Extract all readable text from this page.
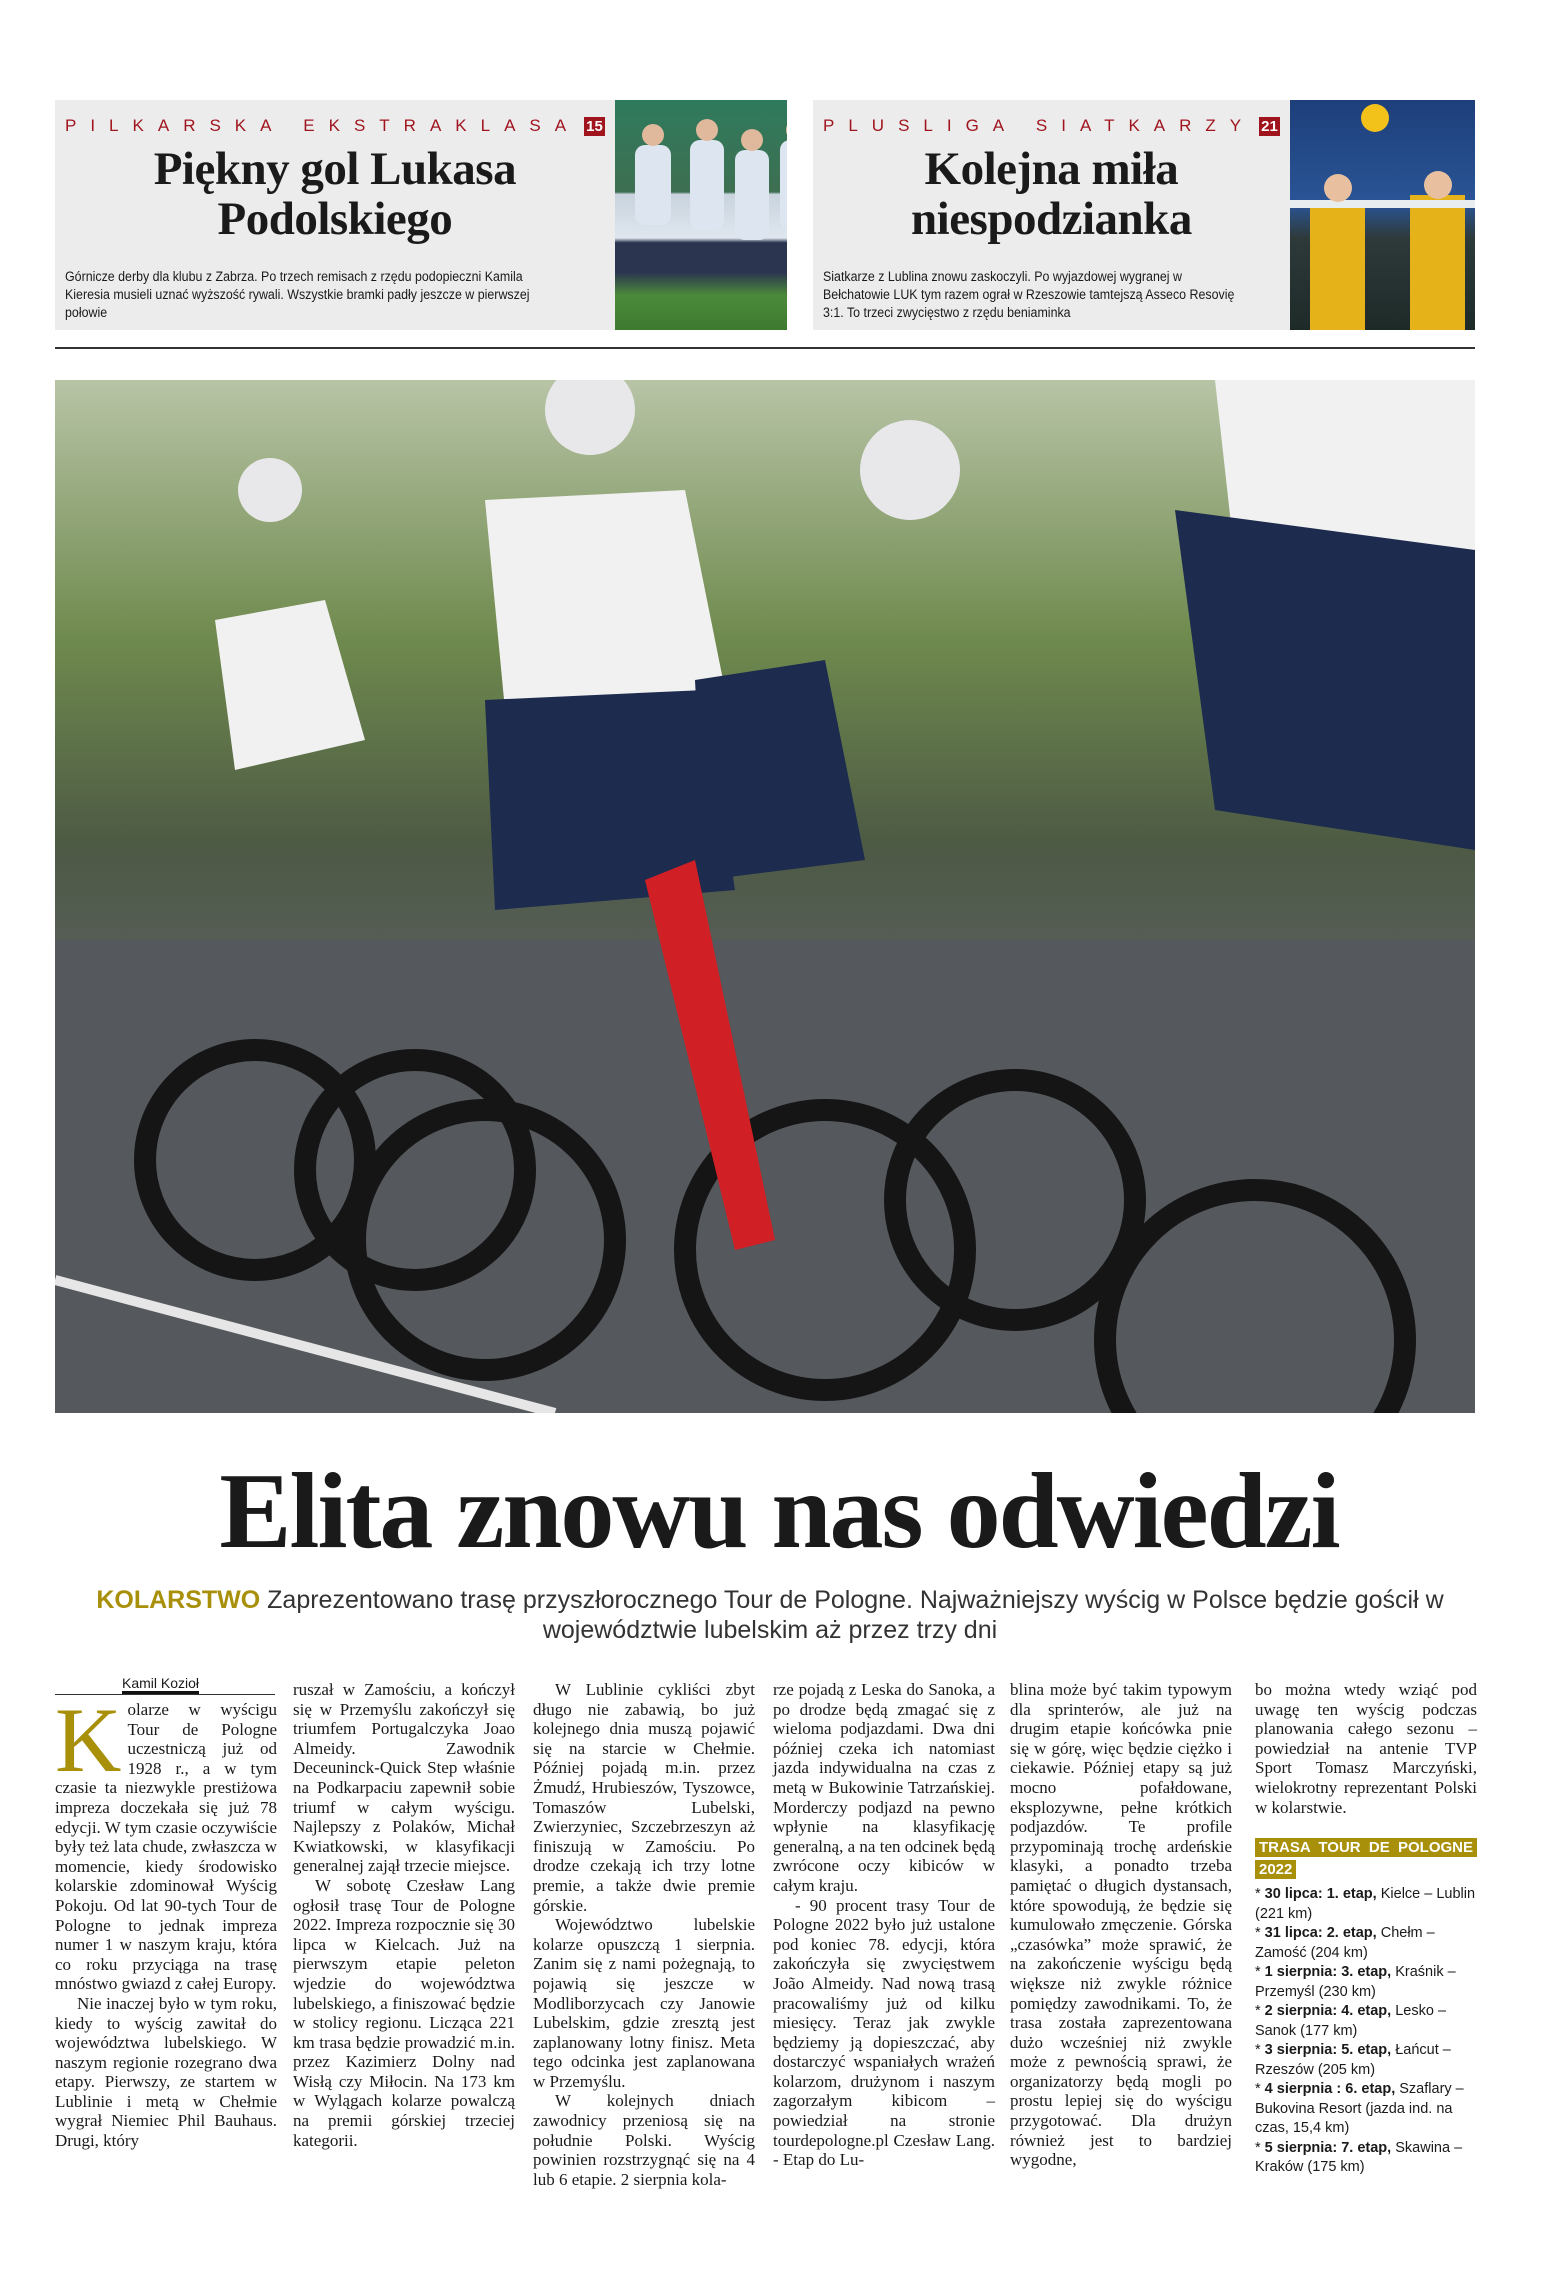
PILKARSKA EKSTRAKLASA 15
Piękny gol Lukasa Podolskiego
Górnicze derby dla klubu z Zabrza. Po trzech remisach z rzędu podopieczni Kamila Kieresia musieli uznać wyższość rywali. Wszystkie bramki padły jeszcze w pierwszej połowie
PLUSLIGA SIATKARZY 21
Kolejna miła niespodzianka
Siatkarze z Lublina znowu zaskoczyli. Po wyjazdowej wygranej w Bełchatowie LUK tym razem ograł w Rzeszowie tamtejszą Asseco Resovię 3:1. To trzeci zwycięstwo z rzędu beniaminka
Elita znowu nas odwiedzi
KOLARSTWO Zaprezentowano trasę przyszłorocznego Tour de Pologne. Najważniejszy wyścig w Polsce będzie gościł w województwie lubelskim aż przez trzy dni
Kamil Kozioł

Kolarze w wyścigu Tour de Pologne uczestniczą już od 1928 r., a w tym czasie ta niezwykle prestiżowa impreza doczekała się już 78 edycji. W tym czasie oczywiście były też lata chude, zwłaszcza w momencie, kiedy środowisko kolarskie zdominował Wyścig Pokoju. Od lat 90-tych Tour de Pologne to jednak impreza numer 1 w naszym kraju, która co roku przyciąga na trasę mnóstwo gwiazd z całej Europy.

Nie inaczej było w tym roku, kiedy to wyścig zawitał do województwa lubelskiego. W naszym regionie rozegrano dwa etapy. Pierwszy, ze startem w Lublinie i metą w Chełmie wygrał Niemiec Phil Bauhaus. Drugi, który

ruszał w Zamościu, a kończył się w Przemyślu zakończył się triumfem Portugalczyka Joao Almeidy. Zawodnik Deceuninck-Quick Step właśnie na Podkarpaciu zapewnił sobie triumf w całym wyścigu. Najlepszy z Polaków, Michał Kwiatkowski, w klasyfikacji generalnej zajął trzecie miejsce.

W sobotę Czesław Lang ogłosił trasę Tour de Pologne 2022. Impreza rozpocznie się 30 lipca w Kielcach. Już na pierwszym etapie peleton wjedzie do województwa lubelskiego, a finiszować będzie w stolicy regionu. Licząca 221 km trasa będzie prowadzić m.in. przez Kazimierz Dolny nad Wisłą czy Miłocin. Na 173 km w Wylągach kolarze powalczą na premii górskiej trzeciej kategorii.

W Lublinie cykliści zbyt długo nie zabawią, bo już kolejnego dnia muszą pojawić się na starcie w Chełmie. Później pojadą m.in. przez Żmudź, Hrubieszów, Tyszowce, Tomaszów Lubelski, Zwierzyniec, Szczebrzeszyn aż finiszują w Zamościu. Po drodze czekają ich trzy lotne premie, a także dwie premie górskie.

Województwo lubelskie kolarze opuszczą 1 sierpnia. Zanim się z nami pożegnają, to pojawią się jeszcze w Modliborzycach czy Janowie Lubelskim, gdzie zresztą jest zaplanowany lotny finisz. Meta tego odcinka jest zaplanowana w Przemyślu.

W kolejnych dniach zawodnicy przeniosą się na południe Polski. Wyścig powinien rozstrzygnąć się na 4 lub 6 etapie. 2 sierpnia kola-

rze pojadą z Leska do Sanoka, a po drodze będą zmagać się z wieloma podjazdami. Dwa dni później czeka ich natomiast jazda indywidualna na czas z metą w Bukowinie Tatrzańskiej. Morderczy podjazd na pewno wpłynie na klasyfikację generalną, a na ten odcinek będą zwrócone oczy kibiców w całym kraju.

- 90 procent trasy Tour de Pologne 2022 było już ustalone pod koniec 78. edycji, która zakończyła się zwycięstwem João Almeidy. Nad nową trasą pracowaliśmy już od kilku miesięcy. Teraz jak zwykle będziemy ją dopieszczać, aby dostarczyć wspaniałych wrażeń kolarzom, drużynom i naszym zagorzałym kibicom – powiedział na stronie tourdepologne.pl Czesław Lang. - Etap do Lu-

blina może być takim typowym dla sprinterów, ale już na drugim etapie końcówka pnie się w górę, więc będzie ciężko i ciekawie. Później etapy są już mocno pofałdowane, eksplozywne, pełne krótkich podjazdów. Te profile przypominają trochę ardeńskie klasyki, a ponadto trzeba pamiętać o długich dystansach, które spowodują, że będzie się kumulowało zmęczenie. Górska „czasówka” może sprawić, że na zakończenie wyścigu będą większe niż zwykle różnice pomiędzy zawodnikami. To, że trasa została zaprezentowana dużo wcześniej niż zwykle może z pewnością sprawi, że organizatorzy będą mogli po prostu lepiej się do wyścigu przygotować. Dla drużyn również jest to bardziej wygodne,

bo można wtedy wziąć pod uwagę ten wyścig podczas planowania całego sezonu – powiedział na antenie TVP Sport Tomasz Marczyński, wielokrotny reprezentant Polski w kolarstwie.

TRASA TOUR DE POLOGNE 2022
* 30 lipca: 1. etap, Kielce – Lublin (221 km)
* 31 lipca: 2. etap, Chełm – Zamość (204 km)
* 1 sierpnia: 3. etap, Kraśnik – Przemyśl (230 km)
* 2 sierpnia: 4. etap, Lesko – Sanok (177 km)
* 3 sierpnia: 5. etap, Łańcut – Rzeszów (205 km)
* 4 sierpnia : 6. etap, Szaflary – Bukovina Resort (jazda ind. na czas, 15,4 km)
* 5 sierpnia: 7. etap, Skawina – Kraków (175 km)
